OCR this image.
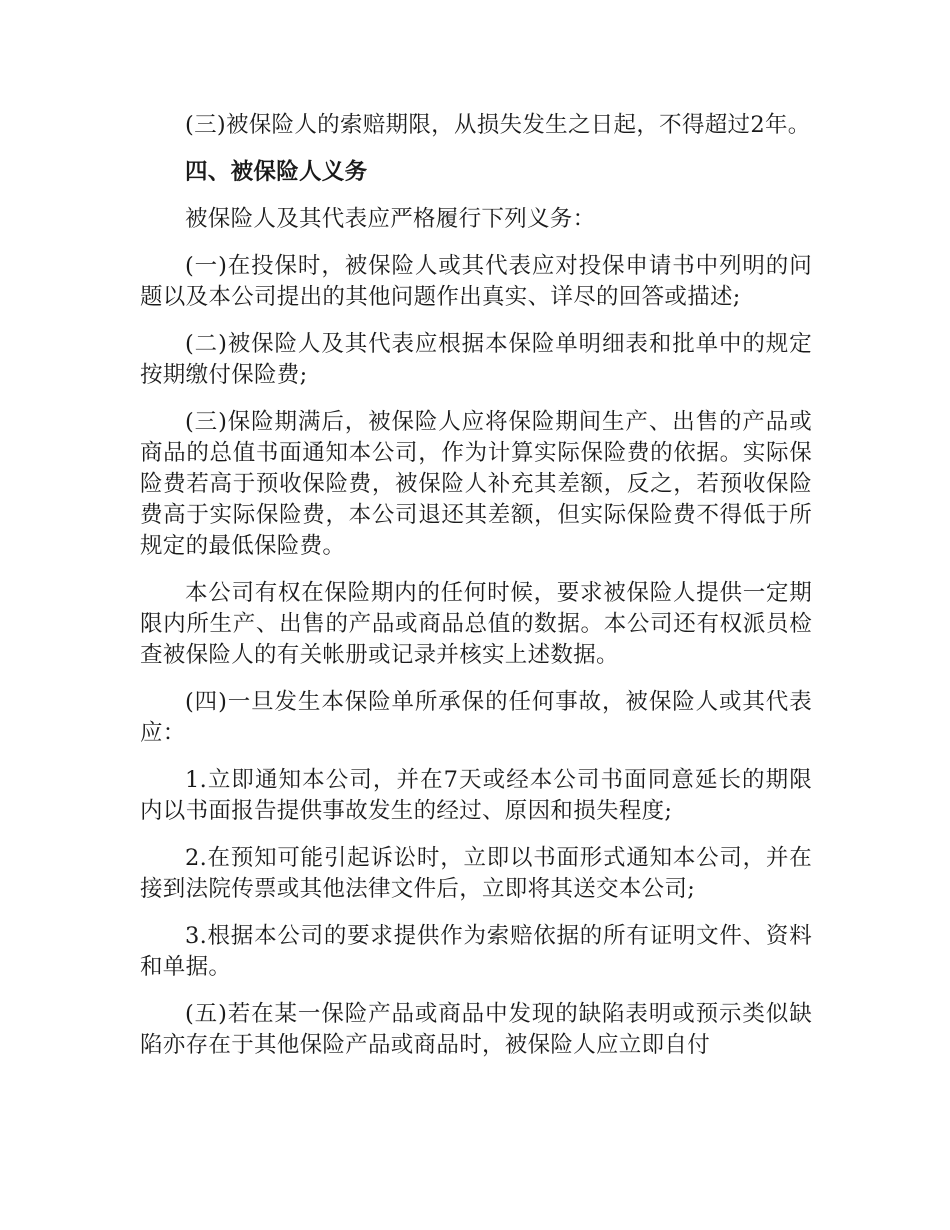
(三)被保险人的索赔期限，从损失发生之日起，不得超过2年。

四、被保险人义务

被保险人及其代表应严格履行下列义务：

(一)在投保时，被保险人或其代表应对投保申请书中列明的问题以及本公司提出的其他问题作出真实、详尽的回答或描述;

(二)被保险人及其代表应根据本保险单明细表和批单中的规定按期缴付保险费;

(三)保险期满后，被保险人应将保险期间生产、出售的产品或商品的总值书面通知本公司，作为计算实际保险费的依据。实际保险费若高于预收保险费，被保险人补充其差额，反之，若预收保险费高于实际保险费，本公司退还其差额，但实际保险费不得低于所规定的最低保险费。

本公司有权在保险期内的任何时候，要求被保险人提供一定期限内所生产、出售的产品或商品总值的数据。本公司还有权派员检查被保险人的有关帐册或记录并核实上述数据。

(四)一旦发生本保险单所承保的任何事故，被保险人或其代表应：

1.立即通知本公司，并在7天或经本公司书面同意延长的期限内以书面报告提供事故发生的经过、原因和损失程度;

2.在预知可能引起诉讼时，立即以书面形式通知本公司，并在接到法院传票或其他法律文件后，立即将其送交本公司;

3.根据本公司的要求提供作为索赔依据的所有证明文件、资料和单据。

(五)若在某一保险产品或商品中发现的缺陷表明或预示类似缺陷亦存在于其他保险产品或商品时，被保险人应立即自付
